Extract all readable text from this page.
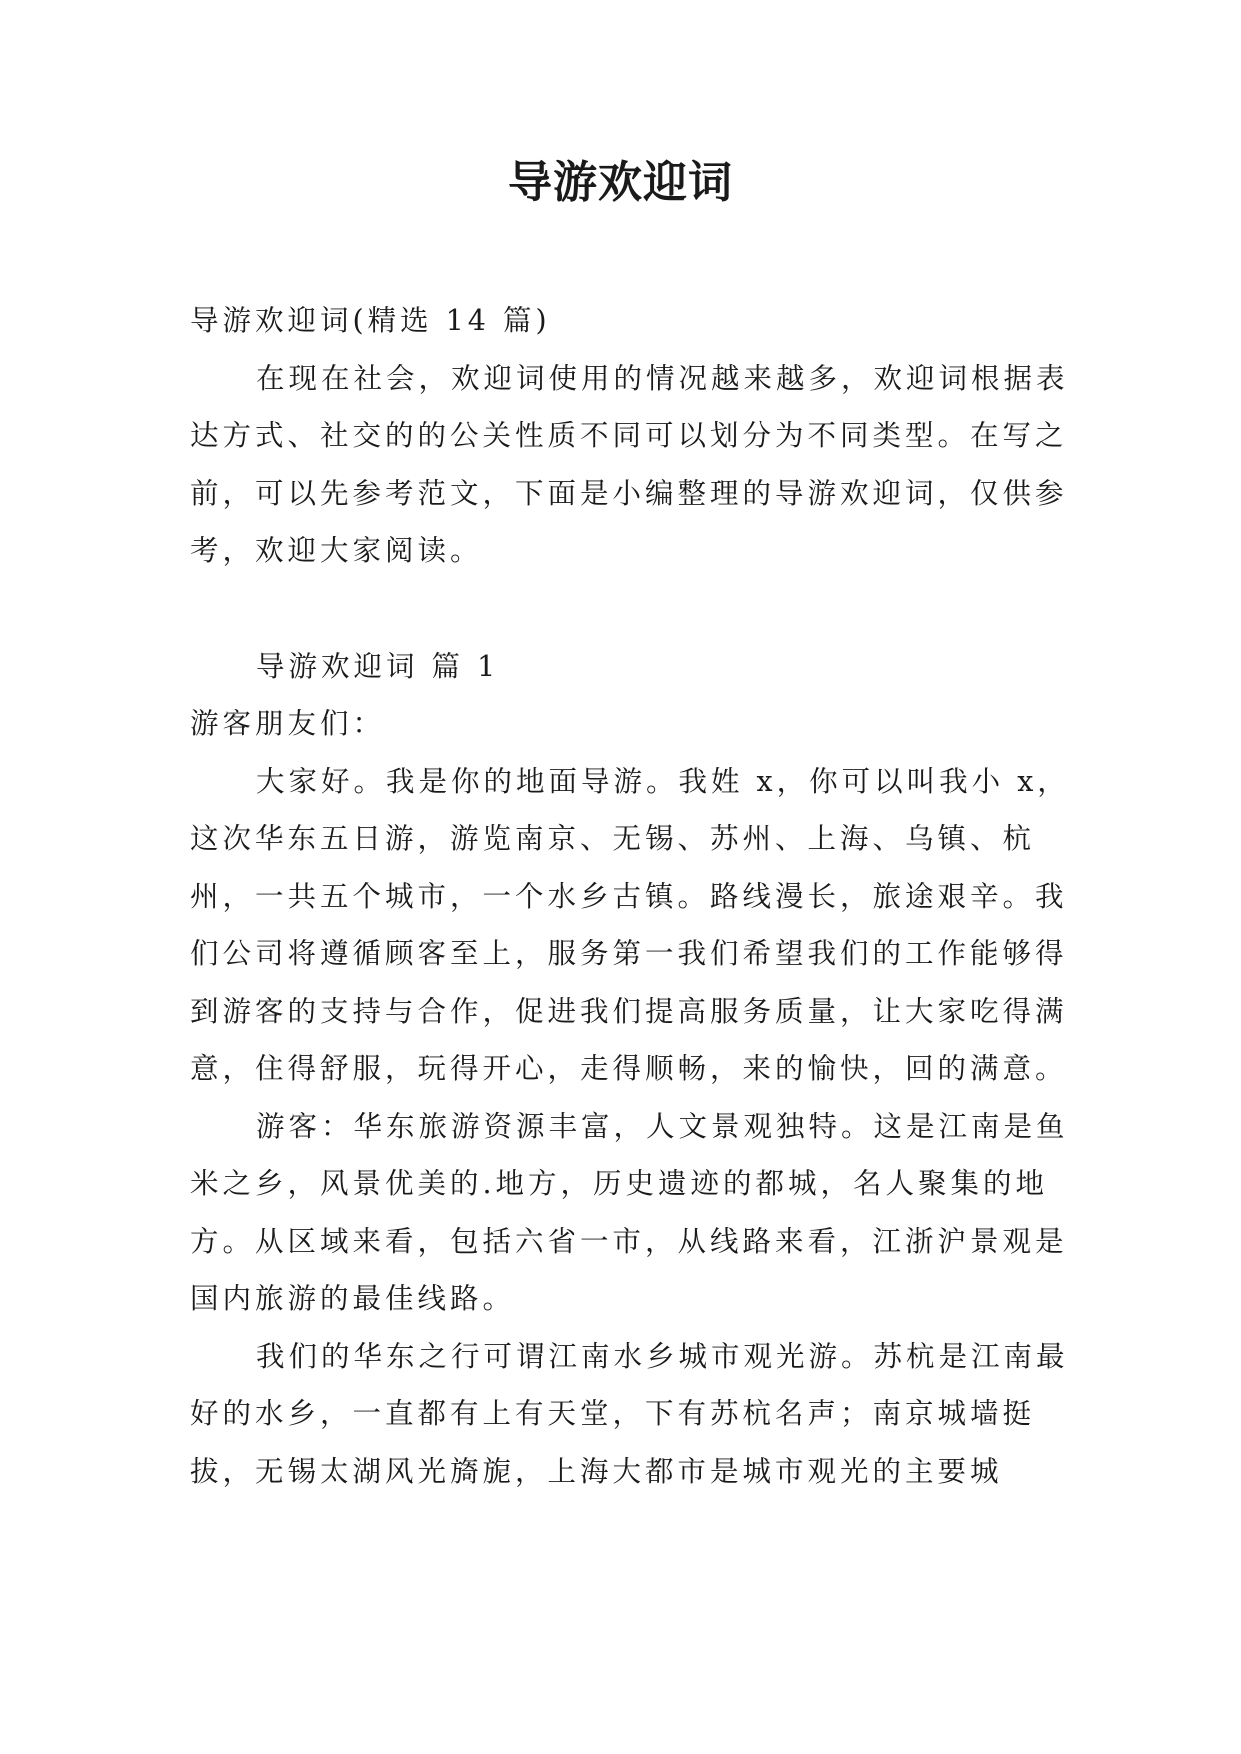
导游欢迎词

导游欢迎词(精选 14 篇)

在现在社会，欢迎词使用的情况越来越多，欢迎词根据表达方式、社交的的公关性质不同可以划分为不同类型。在写之前，可以先参考范文，下面是小编整理的导游欢迎词，仅供参考，欢迎大家阅读。

导游欢迎词 篇 1

游客朋友们：

大家好。我是你的地面导游。我姓 x，你可以叫我小 x，这次华东五日游，游览南京、无锡、苏州、上海、乌镇、杭州，一共五个城市，一个水乡古镇。路线漫长，旅途艰辛。我们公司将遵循顾客至上，服务第一我们希望我们的工作能够得到游客的支持与合作，促进我们提高服务质量，让大家吃得满意，住得舒服，玩得开心，走得顺畅，来的愉快，回的满意。

游客：华东旅游资源丰富，人文景观独特。这是江南是鱼米之乡，风景优美的.地方，历史遗迹的都城，名人聚集的地方。从区域来看，包括六省一市，从线路来看，江浙沪景观是国内旅游的最佳线路。

我们的华东之行可谓江南水乡城市观光游。苏杭是江南最好的水乡，一直都有上有天堂，下有苏杭名声；南京城墙挺拔，无锡太湖风光旖旎，上海大都市是城市观光的主要城
